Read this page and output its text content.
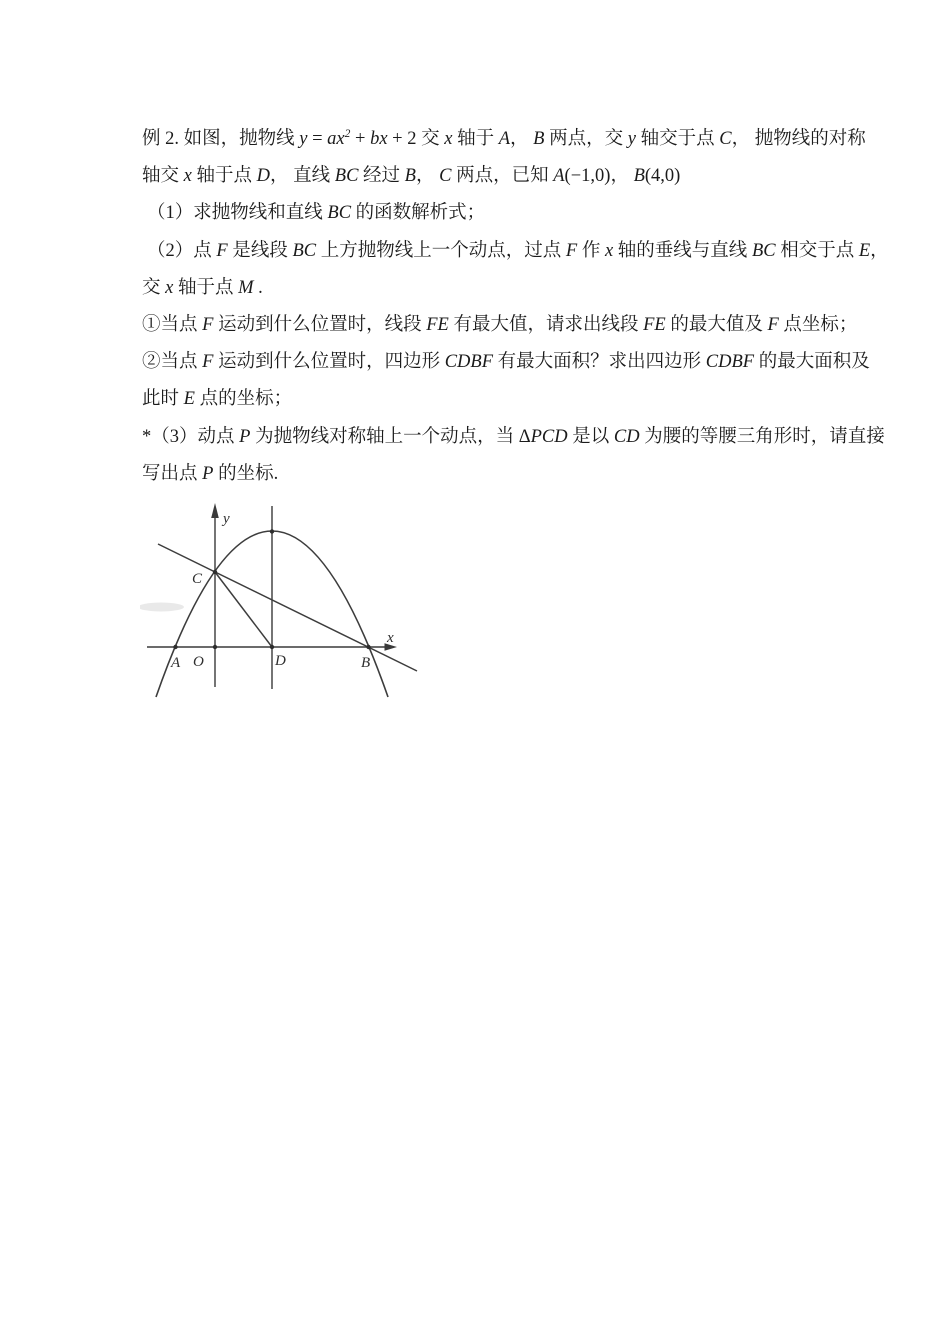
例 2. 如图，抛物线 $y = ax^2$ + bx + 2 交 x 轴于 A， B 两点，交 y 轴交于点 C， 抛物线的对称
轴交 x 轴于点 D， 直线 BC 经过 B， C 两点，已知 A(−1,0)， B(4,0)
（1）求抛物线和直线 BC 的函数解析式；
（2）点 F 是线段 BC 上方抛物线上一个动点，过点 F 作 x 轴的垂线与直线 BC 相交于点 E，
交 x 轴于点 M .
①当点 F 运动到什么位置时，线段 FE 有最大值，请求出线段 FE 的最大值及 F 点坐标；
②当点 F 运动到什么位置时，四边形 CDBF 有最大面积？求出四边形 CDBF 的最大面积及
此时 E 点的坐标；
*（3）动点 P 为抛物线对称轴上一个动点，当 ΔPCD 是以 CD 为腰的等腰三角形时，请直接
写出点 P 的坐标.
y
x
C
A O	D	B
